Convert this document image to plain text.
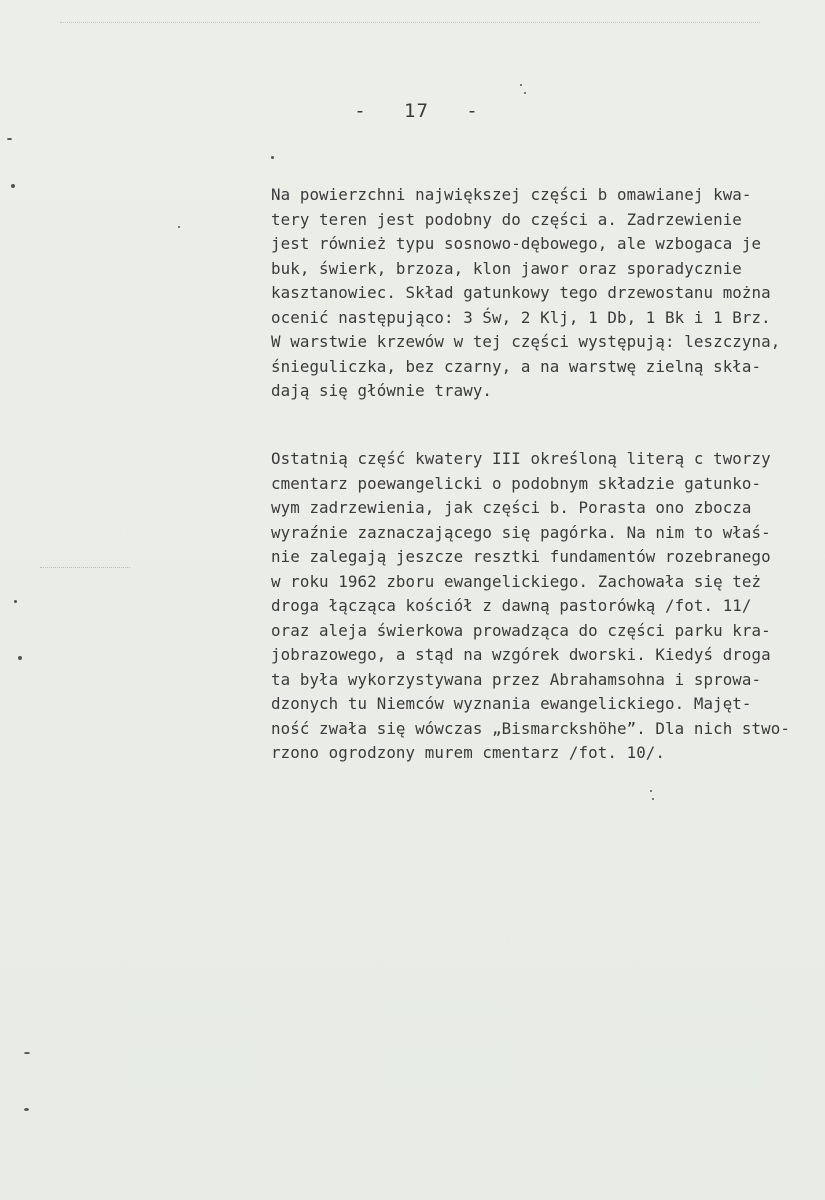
-   17   -
Na powierzchni największej części b omawianej kwa-
tery teren jest podobny do części a. Zadrzewienie
jest również typu sosnowo-dębowego, ale wzbogaca je
buk, świerk, brzoza, klon jawor oraz sporadycznie
kasztanowiec. Skład gatunkowy tego drzewostanu można
ocenić następująco: 3 Św, 2 Klj, 1 Db, 1 Bk i 1 Brz.
W warstwie krzewów w tej części występują: leszczyna,
śnieguliczka, bez czarny, a na warstwę zielną skła-
dają się głównie trawy.
Ostatnią część kwatery III określoną literą c tworzy
cmentarz poewangelicki o podobnym składzie gatunko-
wym zadrzewienia, jak części b. Porasta ono zbocza
wyraźnie zaznaczającego się pagórka. Na nim to właś-
nie zalegają jeszcze resztki fundamentów rozebranego
w roku 1962 zboru ewangelickiego. Zachowała się też
droga łącząca kościół z dawną pastorówką /fot. 11/
oraz aleja świerkowa prowadząca do części parku kra-
jobrazowego, a stąd na wzgórek dworski. Kiedyś droga
ta była wykorzystywana przez Abrahamsohna i sprowa-
dzonych tu Niemców wyznania ewangelickiego. Majęt-
ność zwała się wówczas „Bismarckshöhe”. Dla nich stwo-
rzono ogrodzony murem cmentarz /fot. 10/.
